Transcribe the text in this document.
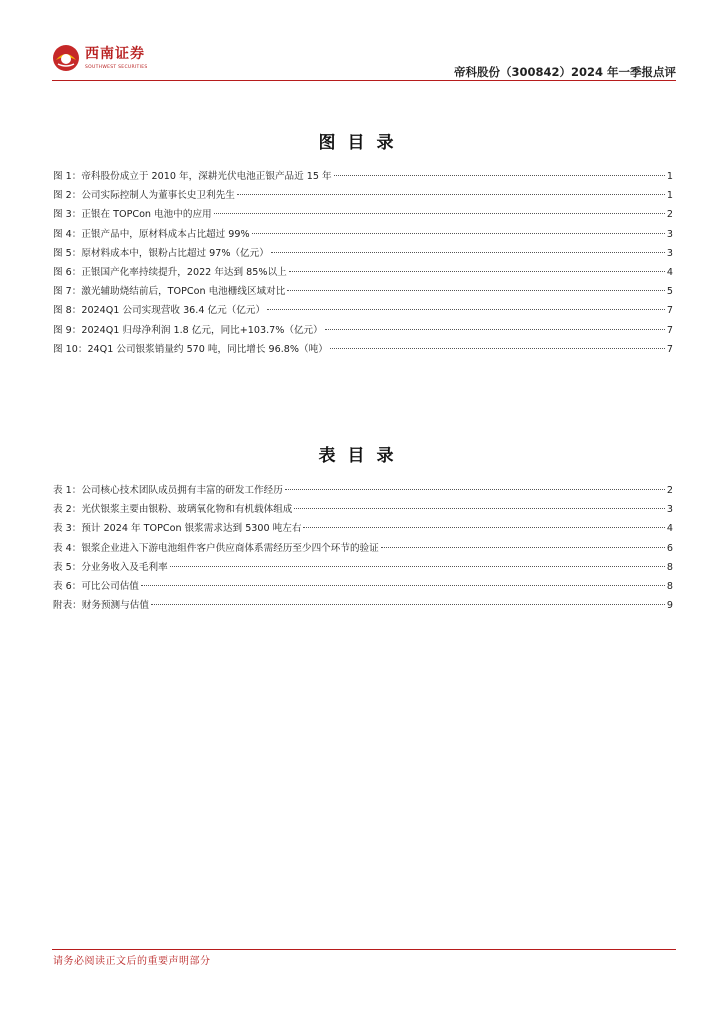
西南证券
SOUTHWEST SECURITIES	帝科股份（300842）2024 年一季报点评
图目录
图 1：帝科股份成立于 2010 年，深耕光伏电池正银产品近 15 年	1
图 2：公司实际控制人为董事长史卫利先生	1
图 3：正银在 TOPCon 电池中的应用	2
图 4：正银产品中，原材料成本占比超过 99%	3
图 5：原材料成本中，银粉占比超过 97%（亿元）	3
图 6：正银国产化率持续提升，2022 年达到 85%以上	4
图 7：激光辅助烧结前后，TOPCon 电池栅线区域对比	5
图 8：2024Q1 公司实现营收 36.4 亿元（亿元）	7
图 9：2024Q1 归母净利润 1.8 亿元，同比+103.7%（亿元）	7
图 10：24Q1 公司银浆销量约 570 吨，同比增长 96.8%（吨）	7
表目录
表 1：公司核心技术团队成员拥有丰富的研发工作经历	2
表 2：光伏银浆主要由银粉、玻璃氧化物和有机载体组成	3
表 3：预计 2024 年 TOPCon 银浆需求达到 5300 吨左右	4
表 4：银浆企业进入下游电池组件客户供应商体系需经历至少四个环节的验证	6
表 5：分业务收入及毛利率	8
表 6：可比公司估值	8
附表：财务预测与估值	9
请务必阅读正文后的重要声明部分
